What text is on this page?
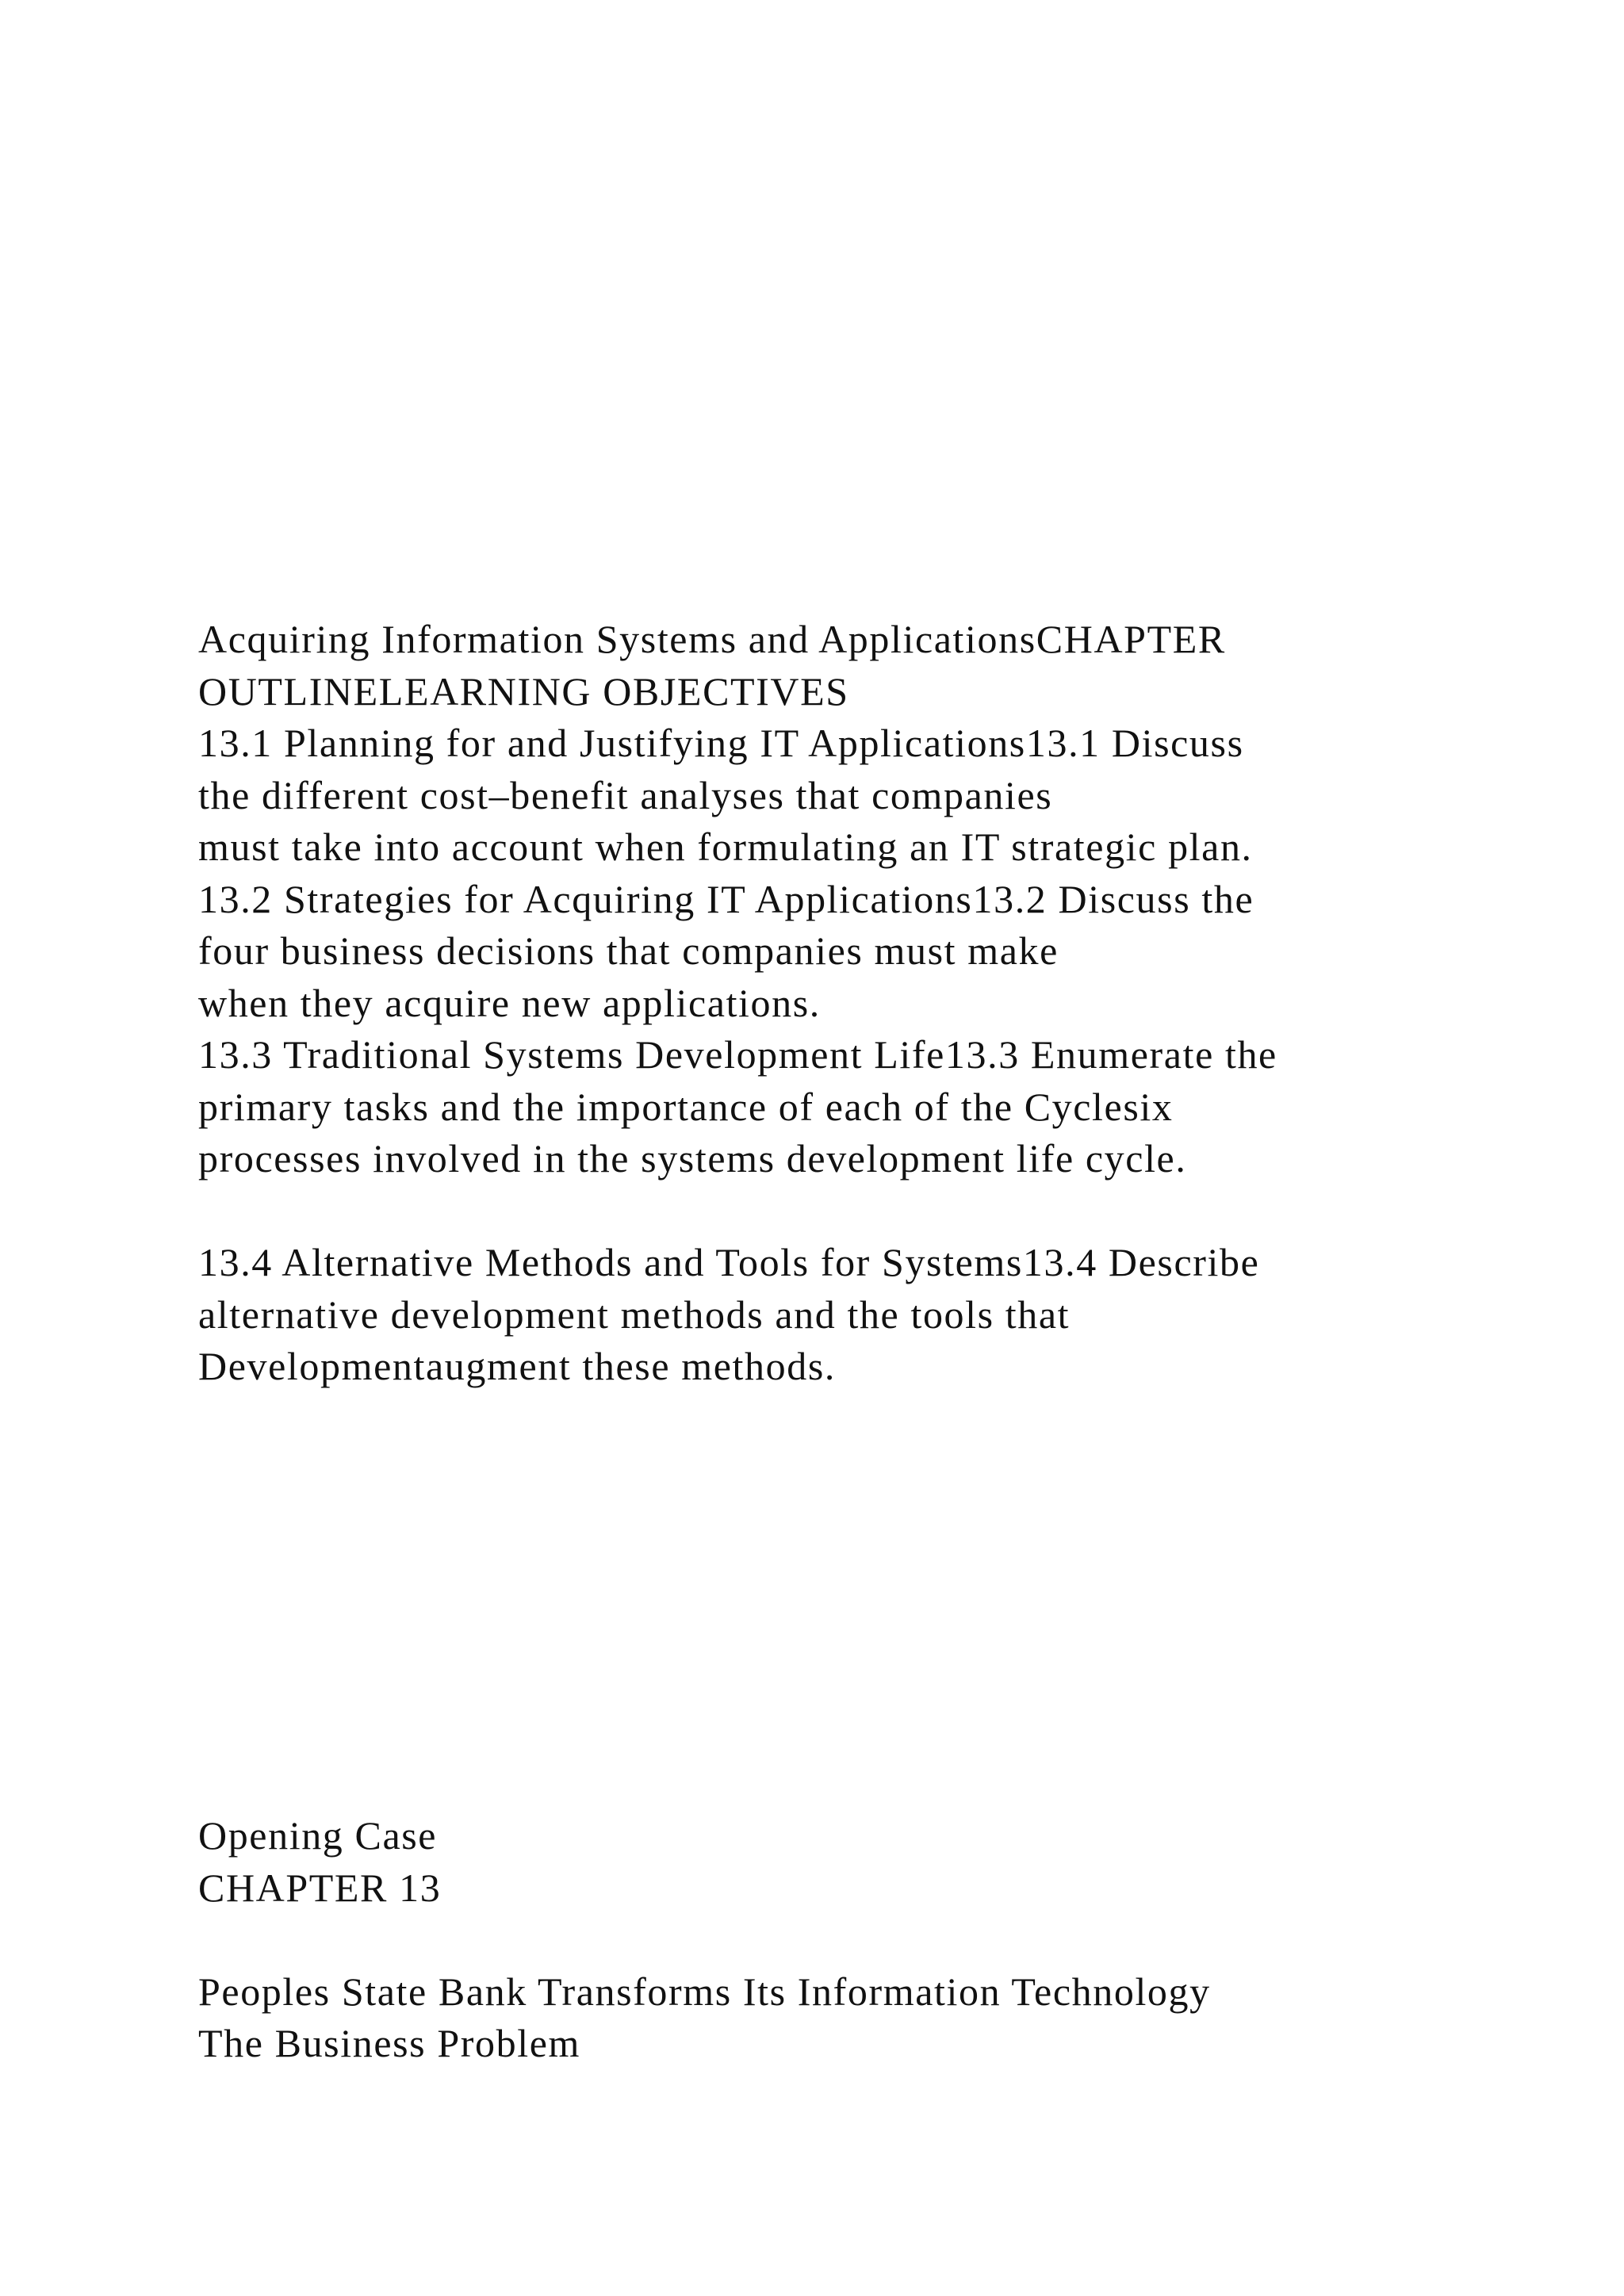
Acquiring Information Systems and ApplicationsCHAPTER
OUTLINELEARNING OBJECTIVES
13.1 Planning for and Justifying IT Applications13.1 Discuss
the different cost–benefit analyses that companies
must take into account when formulating an IT strategic plan.
13.2 Strategies for Acquiring IT Applications13.2 Discuss the
four business decisions that companies must make
when they acquire new applications.
13.3 Traditional Systems Development Life13.3 Enumerate the
primary tasks and the importance of each of the Cyclesix
processes involved in the systems development life cycle.
13.4 Alternative Methods and Tools for Systems13.4 Describe
alternative development methods and the tools that
Developmentaugment these methods.
Opening Case
CHAPTER 13
Peoples State Bank Transforms Its Information Technology
The Business Problem
